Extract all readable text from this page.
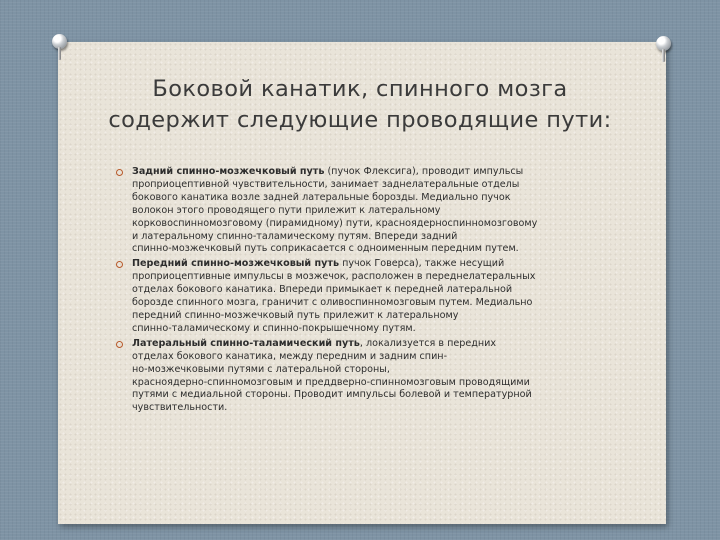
Боковой канатик, спинного мозга
содержит следующие проводящие пути:

Задний спинно-мозжечковый путь (пучок Флексига), проводит импульсы
проприоцептивной чувствительности, занимает заднелатеральные отделы
бокового канатика возле задней латеральные борозды. Медиально пучок
волокон этого проводящего пути прилежит к латеральному
корковоспинномозговому (пирамидному) пути, красноядерноспинномозговому
и латеральному спинно-таламическому путям. Впереди задний
спинно-мозжечковый путь соприкасается с одноименным передним путем.

Передний спинно-мозжечковый путь пучок Говерса), также несущий
проприоцептивные импульсы в мозжечок, расположен в переднелатеральных
отделах бокового канатика. Впереди примыкает к передней латеральной
борозде спинного мозга, граничит с оливоспинномозговым путем. Медиально
передний спинно-мозжечковый путь прилежит к латеральному
спинно-таламическому и спинно-покрышечному путям.

Латеральный спинно-таламический путь, локализуется в передних
отделах бокового канатика, между передним и задним спин-
но-мозжечковыми путями с латеральной стороны,
красноядерно-спинномозговым и преддверно-спинномозговым проводящими
путями с медиальной стороны. Проводит импульсы болевой и температурной
чувствительности.
